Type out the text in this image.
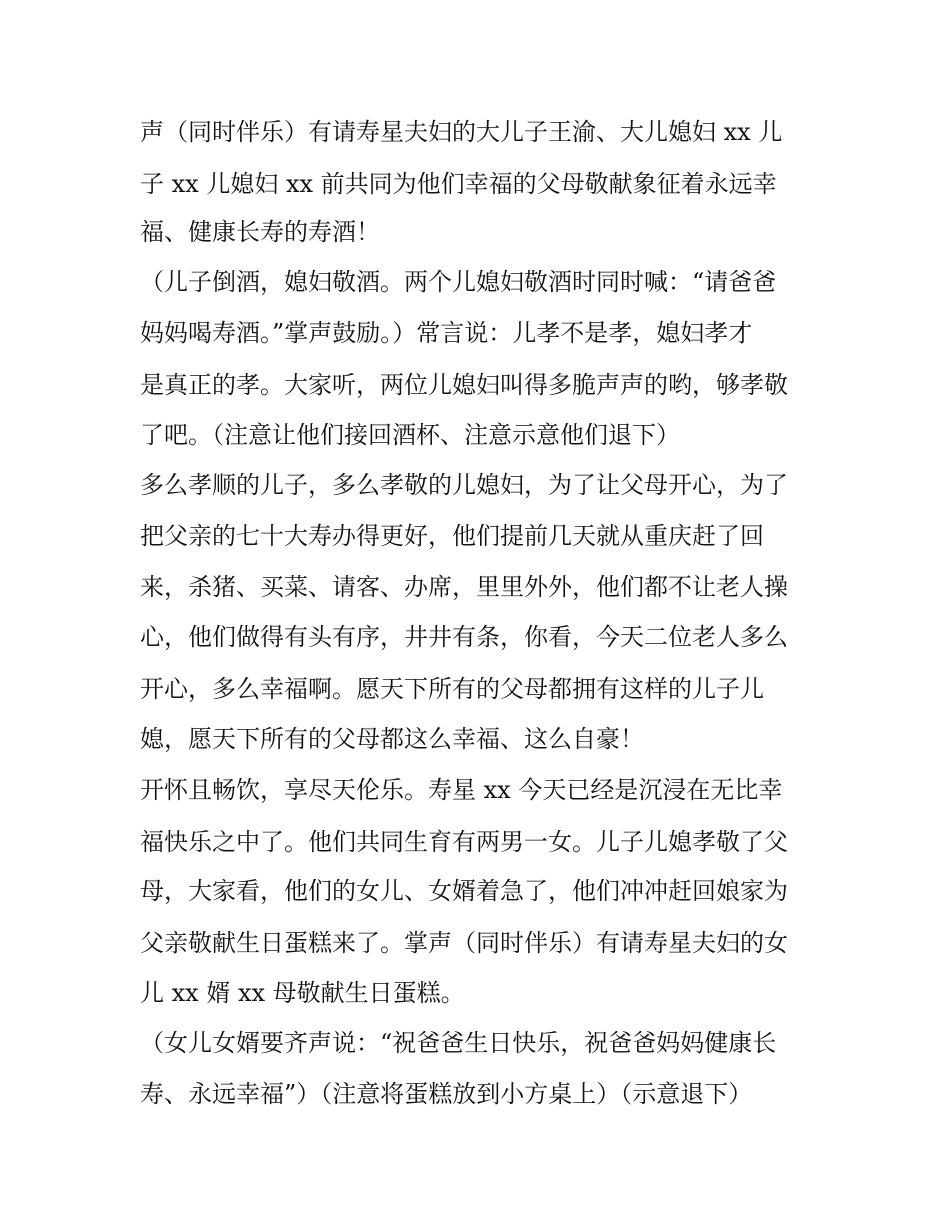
声（同时伴乐）有请寿星夫妇的大儿子王渝、大儿媳妇 xx 儿
子 xx 儿媳妇 xx 前共同为他们幸福的父母敬献象征着永远幸
福、健康长寿的寿酒！
（儿子倒酒，媳妇敬酒。两个儿媳妇敬酒时同时喊：“请爸爸
妈妈喝寿酒。”掌声鼓励。）常言说：儿孝不是孝，媳妇孝才
是真正的孝。大家听，两位儿媳妇叫得多脆声声的哟，够孝敬
了吧。（注意让他们接回酒杯、注意示意他们退下）
多么孝顺的儿子，多么孝敬的儿媳妇，为了让父母开心，为了
把父亲的七十大寿办得更好，他们提前几天就从重庆赶了回
来，杀猪、买菜、请客、办席，里里外外，他们都不让老人操
心，他们做得有头有序，井井有条，你看，今天二位老人多么
开心，多么幸福啊。愿天下所有的父母都拥有这样的儿子儿
媳，愿天下所有的父母都这么幸福、这么自豪！
开怀且畅饮，享尽天伦乐。寿星 xx 今天已经是沉浸在无比幸
福快乐之中了。他们共同生育有两男一女。儿子儿媳孝敬了父
母，大家看，他们的女儿、女婿着急了，他们冲冲赶回娘家为
父亲敬献生日蛋糕来了。掌声（同时伴乐）有请寿星夫妇的女
儿 xx 婿 xx 母敬献生日蛋糕。
（女儿女婿要齐声说：“祝爸爸生日快乐，祝爸爸妈妈健康长
寿、永远幸福”）（注意将蛋糕放到小方桌上）（示意退下）
